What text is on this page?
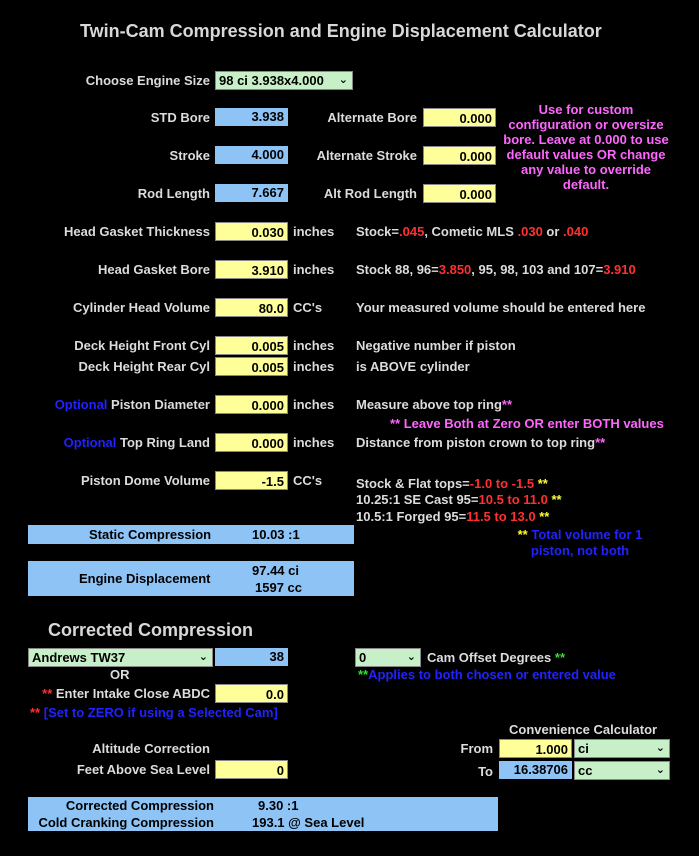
Twin-Cam Compression and Engine Displacement Calculator
Choose Engine Size 98 ci 3.938x4.000 ⌄
STD Bore	3.938
Stroke	4.000
Rod Length	7.667
Alternate Bore	0.000
Alternate Stroke	0.000
Alt Rod Length	0.000
Use for custom configuration or oversize bore. Leave at 0.000 to use default values OR change any value to override default.
Head Gasket Thickness	0.030 inches Stock=.045, Cometic MLS .030 or .040
Head Gasket Bore	3.910 inches Stock 88, 96=3.850, 95, 98, 103 and 107=3.910
Cylinder Head Volume	80.0 CC's	Your measured volume should be entered here
Deck Height Front Cyl	0.005 inches Negative number if piston
Deck Height Rear Cyl	0.005 inches is ABOVE cylinder
Optional Piston Diameter	0.000 inches Measure above top ring**
** Leave Both at Zero OR enter BOTH values
Optional Top Ring Land	0.000 inches Distance from piston crown to top ring**
Piston Dome Volume	-1.5 CC's	Stock & Flat tops=-1.0 to -1.5 **
10.25:1 SE Cast 95=10.5 to 11.0 **
10.5:1 Forged 95=11.5 to 13.0 **
** Total volume for 1 piston, not both
Static Compression	10.03 :1
Engine Displacement
97.44 ci
1597 cc
Corrected Compression
Andrews TW37	⌄	38
OR
** Enter Intake Close ABDC	0.0
** [Set to ZERO if using a Selected Cam]
0	⌄ Cam Offset Degrees **
**Applies to both chosen or entered value
Convenience Calculator
From	1.000 ci	⌄
To	16.38706 cc	⌄
Altitude Correction
Feet Above Sea Level	0
Corrected Compression	9.30 :1
Cold Cranking Compression	193.1 @ Sea Level
